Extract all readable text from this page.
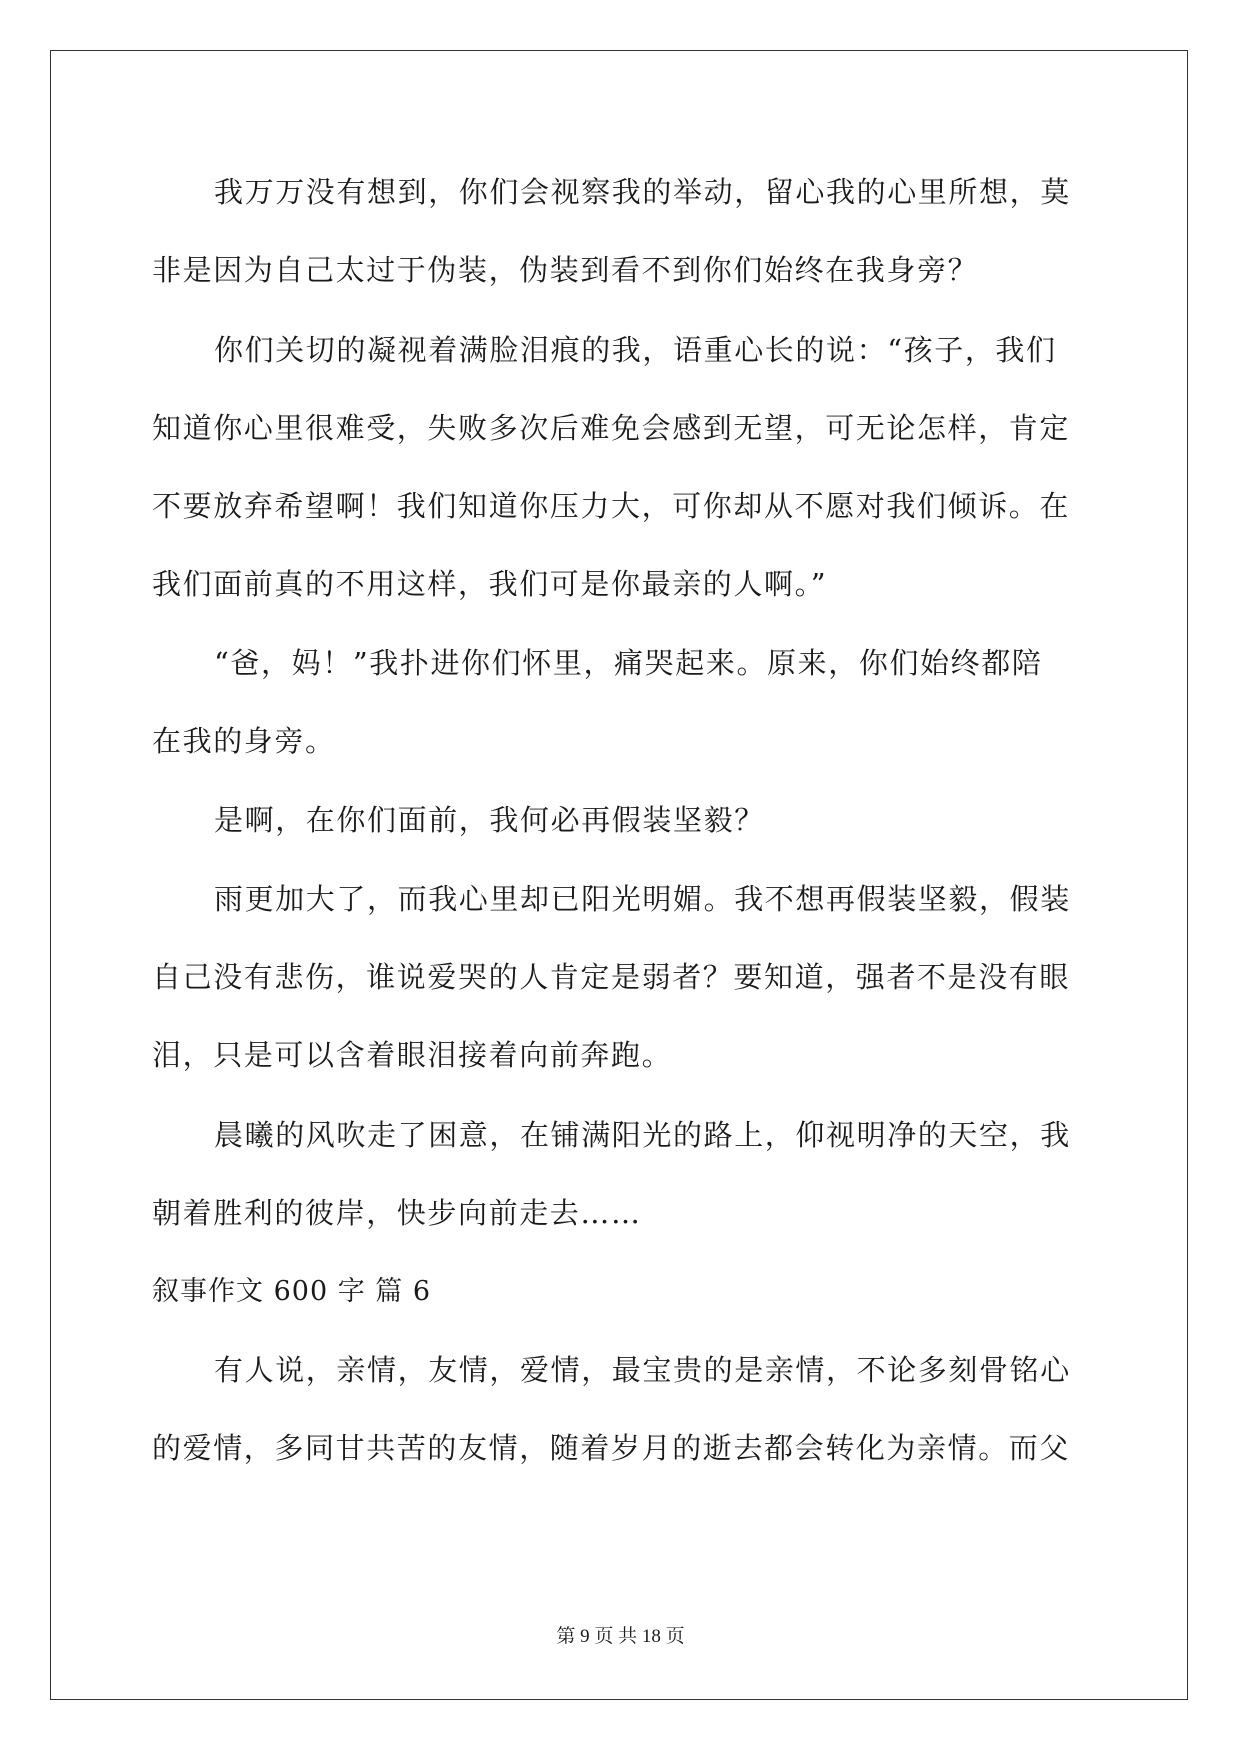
我万万没有想到，你们会视察我的举动，留心我的心里所想，莫
非是因为自己太过于伪装，伪装到看不到你们始终在我身旁？
你们关切的凝视着满脸泪痕的我，语重心长的说：“孩子，我们
知道你心里很难受，失败多次后难免会感到无望，可无论怎样，肯定
不要放弃希望啊！我们知道你压力大，可你却从不愿对我们倾诉。在
我们面前真的不用这样，我们可是你最亲的人啊。”
“爸，妈！”我扑进你们怀里，痛哭起来。原来，你们始终都陪
在我的身旁。
是啊，在你们面前，我何必再假装坚毅？
雨更加大了，而我心里却已阳光明媚。我不想再假装坚毅，假装
自己没有悲伤，谁说爱哭的人肯定是弱者？要知道，强者不是没有眼
泪，只是可以含着眼泪接着向前奔跑。
晨曦的风吹走了困意，在铺满阳光的路上，仰视明净的天空，我
朝着胜利的彼岸，快步向前走去……
叙事作文 600 字 篇 6
有人说，亲情，友情，爱情，最宝贵的是亲情，不论多刻骨铭心
的爱情，多同甘共苦的友情，随着岁月的逝去都会转化为亲情。而父
第 9 页 共 18 页
